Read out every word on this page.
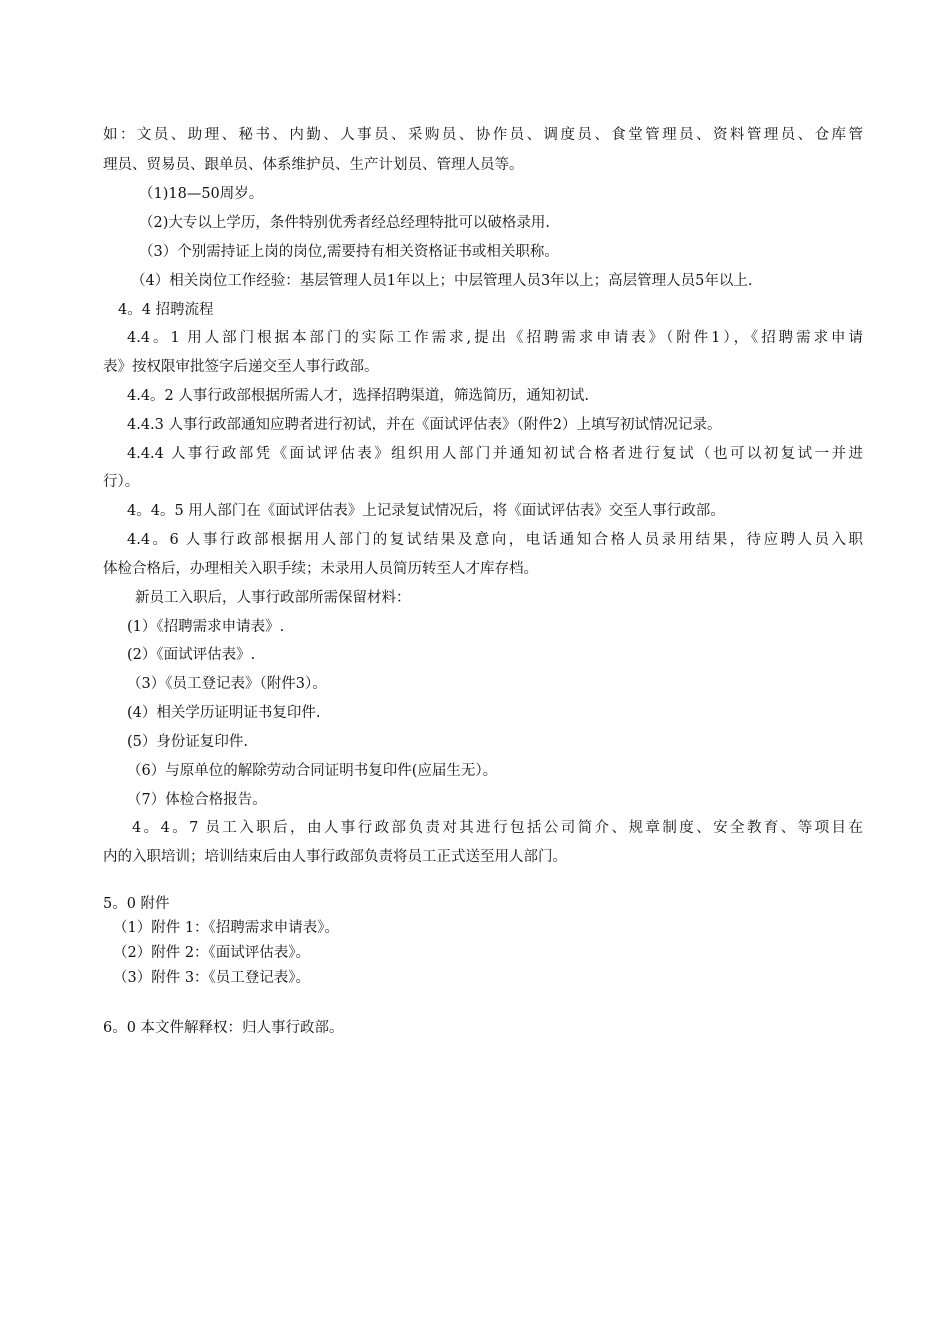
如：文员、助理、秘书、内勤、人事员、采购员、协作员、调度员、食堂管理员、资料管理员、仓库管
理员、贸易员、跟单员、体系维护员、生产计划员、管理人员等。
（1)18—50周岁。
（2)大专以上学历，条件特别优秀者经总经理特批可以破格录用.
（3）个别需持证上岗的岗位,需要持有相关资格证书或相关职称。
（4）相关岗位工作经验：基层管理人员1年以上；中层管理人员3年以上；高层管理人员5年以上.
4。4 招聘流程
4.4。1 用人部门根据本部门的实际工作需求,提出《招聘需求申请表》（附件1），《招聘需求申请
表》按权限审批签字后递交至人事行政部。
4.4。2 人事行政部根据所需人才，选择招聘渠道，筛选简历，通知初试.
4.4.3 人事行政部通知应聘者进行初试，并在《面试评估表》（附件2）上填写初试情况记录。
4.4.4 人事行政部凭《面试评估表》组织用人部门并通知初试合格者进行复试（也可以初复试一并进
行）。
4。4。5 用人部门在《面试评估表》上记录复试情况后，将《面试评估表》交至人事行政部。
4.4。6 人事行政部根据用人部门的复试结果及意向，电话通知合格人员录用结果，待应聘人员入职
体检合格后，办理相关入职手续；未录用人员简历转至人才库存档。
新员工入职后，人事行政部所需保留材料：
(1）《招聘需求申请表》.
(2）《面试评估表》.
（3）《员工登记表》（附件3）。
(4）相关学历证明证书复印件.
(5）身份证复印件.
（6）与原单位的解除劳动合同证明书复印件(应届生无）。
（7）体检合格报告。
4。4。7 员工入职后，由人事行政部负责对其进行包括公司简介、规章制度、安全教育、等项目在
内的入职培训；培训结束后由人事行政部负责将员工正式送至用人部门。
5。0 附件
（1）附件 1：《招聘需求申请表》。
（2）附件 2：《面试评估表》。
（3）附件 3：《员工登记表》。
6。0 本文件解释权：归人事行政部。
